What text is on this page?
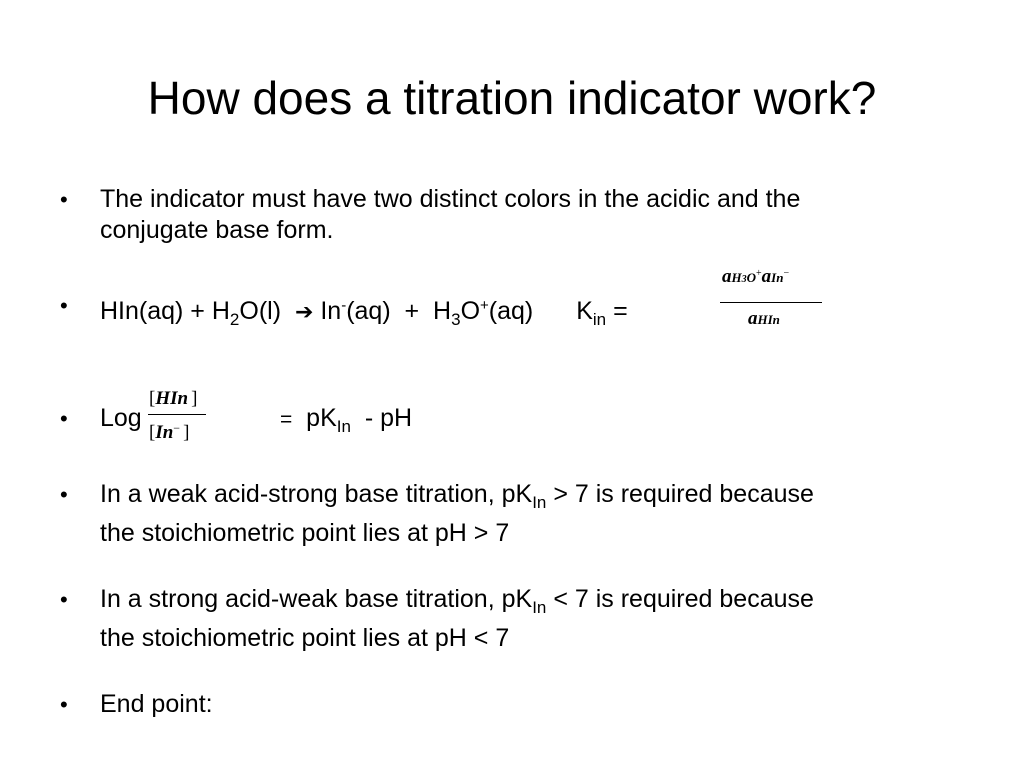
How does a titration indicator work?
• The indicator must have two distinct colors in the acidic and the
conjugate base form.
• $HIn(aq) + H_2O(l)$ ➔ $In^-(aq) + H_3O^+(aq) K_{in}$ =
aH3O+aIn−
aHIn
• Log	= $pK_{In}$ - pH
[HIn ]
[In− ]
• In a weak acid-strong base titration, $pK_{In} > 7$ is required because
the stoichiometric point lies at pH > 7
• In a strong acid-weak base titration, $pK_{In} < 7$ is required because
the stoichiometric point lies at pH < 7
• End point:
